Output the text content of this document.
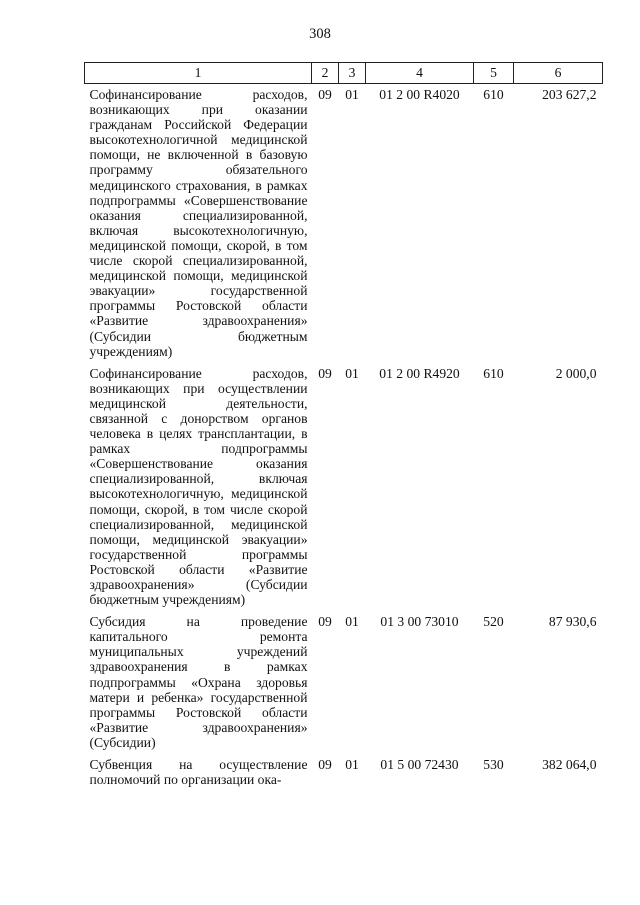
308
1	2	3	4	5	6
Софинансирование расходов, возникающих при оказании гражданам Российской Федерации высокотехнологичной медицинской помощи, не включенной в базовую программу обязательного медицинского страхования, в рамках подпрограммы «Совершенствование оказания специализированной, включая высокотехнологичную, медицинской помощи, скорой, в том числе скорой специализированной, медицинской помощи, медицинской эвакуации» государственной программы Ростовской области «Развитие здравоохранения» (Субсидии бюджетным учреждениям)	09	01	01 2 00 R4020	610	203 627,2
Софинансирование расходов, возникающих при осуществлении медицинской деятельности, связанной с донорством органов человека в целях трансплантации, в рамках подпрограммы «Совершенствование оказания специализированной, включая высокотехнологичную, медицинской помощи, скорой, в том числе скорой специализированной, медицинской помощи, медицинской эвакуации» государственной программы Ростовской области «Развитие здравоохранения» (Субсидии бюджетным учреждениям)	09	01	01 2 00 R4920	610	2 000,0
Субсидия на проведение капитального ремонта муниципальных учреждений здравоохранения в рамках подпрограммы «Охрана здоровья матери и ребенка» государственной программы Ростовской области «Развитие здравоохранения» (Субсидии)	09	01	01 3 00 73010	520	87 930,6
Субвенция на осуществление полномочий по организации ока-	09	01	01 5 00 72430	530	382 064,0
